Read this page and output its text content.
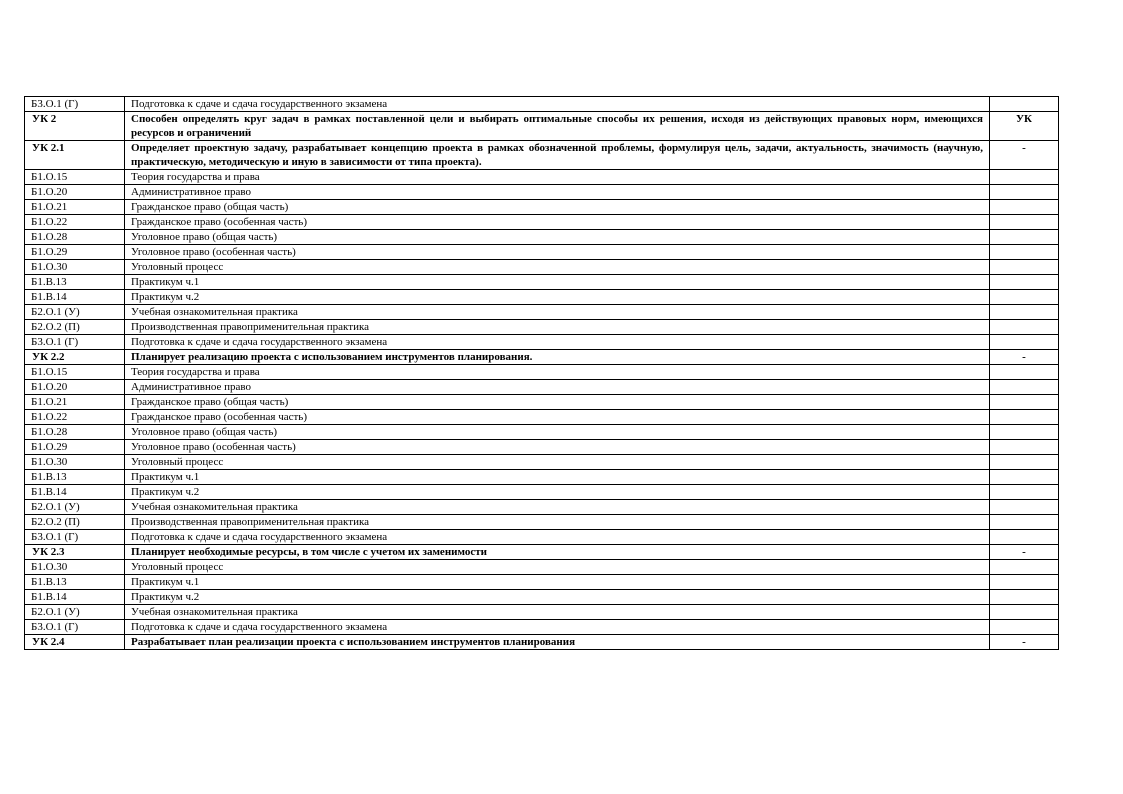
Б3.О.1 (Г)	Подготовка к сдаче и сдача государственного экзамена	
УК 2	Способен определять круг задач в рамках поставленной цели и выбирать оптимальные способы их решения, исходя из действующих правовых норм, имеющихся ресурсов и ограничений	УК
УК 2.1	Определяет проектную задачу, разрабатывает концепцию проекта в рамках обозначенной проблемы, формулируя цель, задачи, актуальность, значимость (научную, практическую, методическую и иную в зависимости от типа проекта).	-
Б1.О.15	Теория государства и права	
Б1.О.20	Административное право	
Б1.О.21	Гражданское право (общая часть)	
Б1.О.22	Гражданское право (особенная часть)	
Б1.О.28	Уголовное право (общая часть)	
Б1.О.29	Уголовное право (особенная часть)	
Б1.О.30	Уголовный процесс	
Б1.В.13	Практикум ч.1	
Б1.В.14	Практикум ч.2	
Б2.О.1 (У)	Учебная ознакомительная практика	
Б2.О.2 (П)	Производственная правоприменительная практика	
Б3.О.1 (Г)	Подготовка к сдаче и сдача государственного экзамена	
УК 2.2	Планирует реализацию проекта с использованием инструментов планирования.	-
Б1.О.15	Теория государства и права	
Б1.О.20	Административное право	
Б1.О.21	Гражданское право (общая часть)	
Б1.О.22	Гражданское право (особенная часть)	
Б1.О.28	Уголовное право (общая часть)	
Б1.О.29	Уголовное право (особенная часть)	
Б1.О.30	Уголовный процесс	
Б1.В.13	Практикум ч.1	
Б1.В.14	Практикум ч.2	
Б2.О.1 (У)	Учебная ознакомительная практика	
Б2.О.2 (П)	Производственная правоприменительная практика	
Б3.О.1 (Г)	Подготовка к сдаче и сдача государственного экзамена	
УК 2.3	Планирует необходимые ресурсы, в том числе с учетом их заменимости	-
Б1.О.30	Уголовный процесс	
Б1.В.13	Практикум ч.1	
Б1.В.14	Практикум ч.2	
Б2.О.1 (У)	Учебная ознакомительная практика	
Б3.О.1 (Г)	Подготовка к сдаче и сдача государственного экзамена	
УК 2.4	Разрабатывает план реализации проекта с использованием инструментов планирования	-
